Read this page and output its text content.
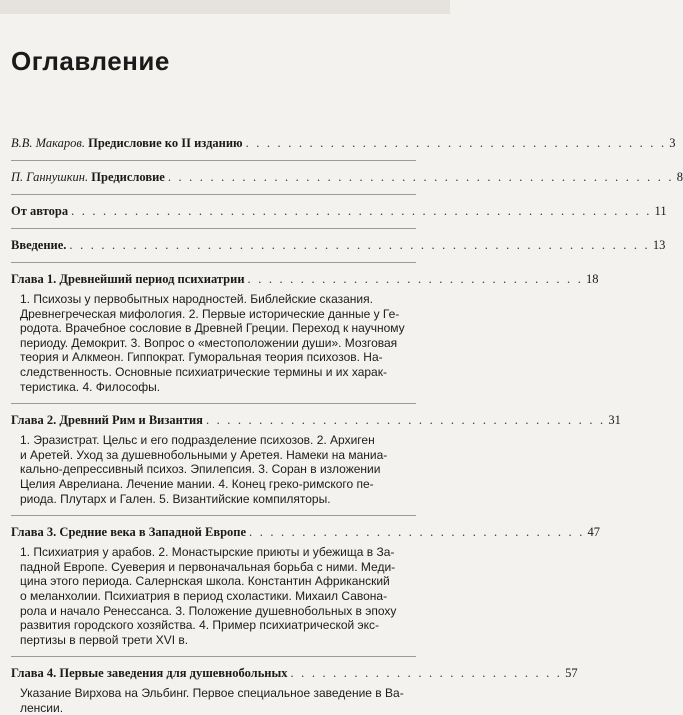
Оглавление
В.В. Макаров. Предисловие ко II изданию . . . . . . . . . . . . . . . . . . . . . . . . . . . . . . . . . . . . . . . . 3
П. Ганнушкин. Предисловие . . . . . . . . . . . . . . . . . . . . . . . . . . . . . . . . . . . . . . . . . . . . . . . . 8
От автора . . . . . . . . . . . . . . . . . . . . . . . . . . . . . . . . . . . . . . . . . . . . . . . . . . . . . . . 11
Введение. . . . . . . . . . . . . . . . . . . . . . . . . . . . . . . . . . . . . . . . . . . . . . . . . . . . . . . . 13
Глава 1. Древнейший период психиатрии . . . . . . . . . . . . . . . . . . . . . . . . . . . . . . . . 18
1. Психозы у первобытных народностей. Библейские сказания.
Древнегреческая мифология. 2. Первые исторические данные у Ге-
родота. Врачебное сословие в Древней Греции. Переход к научному
периоду. Демокрит. 3. Вопрос о «местоположении души». Мозговая
теория и Алкмеон. Гиппократ. Гуморальная теория психозов. На-
следственность. Основные психиатрические термины и их харак-
теристика. 4. Философы.
Глава 2. Древний Рим и Византия . . . . . . . . . . . . . . . . . . . . . . . . . . . . . . . . . . . . . . 31
1. Эразистрат. Цельс и его подразделение психозов. 2. Архиген
и Аретей. Уход за душевнобольными у Аретея. Намеки на маниа-
кально-депрессивный психоз. Эпилепсия. 3. Соран в изложении
Целия Аврелиана. Лечение мании. 4. Конец греко-римского пе-
риода. Плутарх и Гален. 5. Византийские компиляторы.
Глава 3. Средние века в Западной Европе . . . . . . . . . . . . . . . . . . . . . . . . . . . . . . . . 47
1. Психиатрия у арабов. 2. Монастырские приюты и убежища в За-
падной Европе. Суеверия и первоначальная борьба с ними. Меди-
цина этого периода. Салернская школа. Константин Африканский
о меланхолии. Психиатрия в период схоластики. Михаил Савона-
рола и начало Ренессанса. 3. Положение душевнобольных в эпоху
развития городского хозяйства. 4. Пример психиатрической экс-
пертизы в первой трети XVI в.
Глава 4. Первые заведения для душевнобольных . . . . . . . . . . . . . . . . . . . . . . . . . . 57
Указание Вирхова на Эльбинг. Первое специальное заведение в Ва-
ленсии.
